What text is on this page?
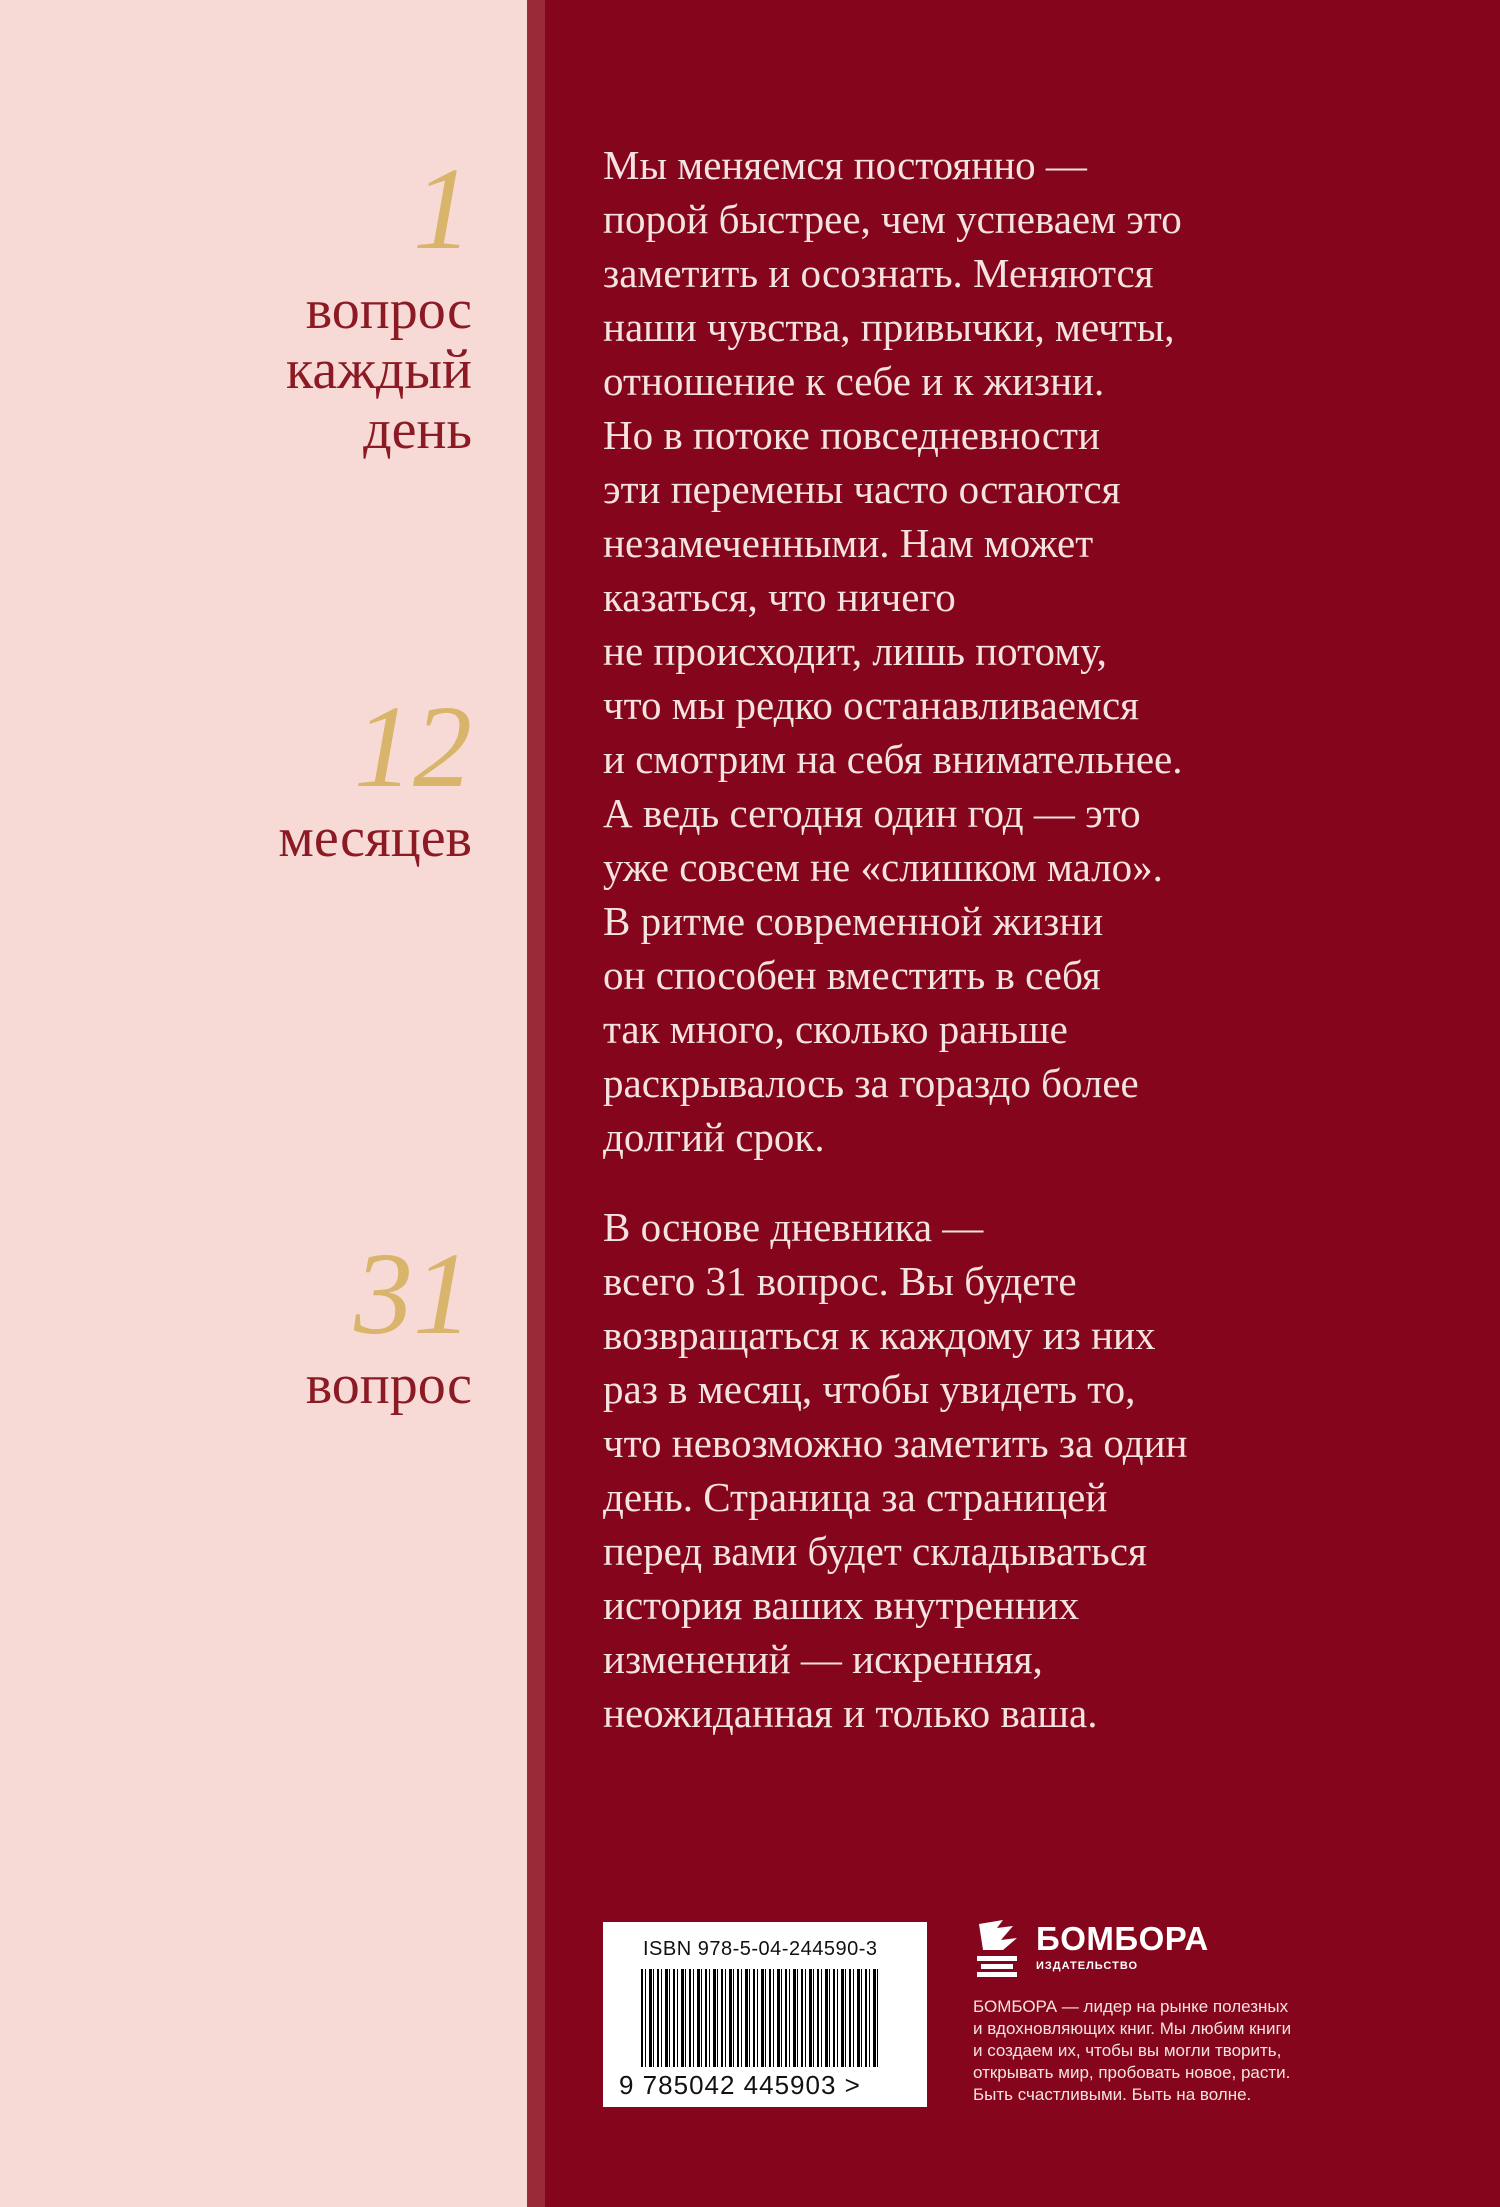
1
вопрос
каждый
день
12
месяцев
31
вопрос

Мы меняемся постоянно —
порой быстрее, чем успеваем это
заметить и осознать. Меняются
наши чувства, привычки, мечты,
отношение к себе и к жизни.
Но в потоке повседневности
эти перемены часто остаются
незамеченными. Нам может
казаться, что ничего
не происходит, лишь потому,
что мы редко останавливаемся
и смотрим на себя внимательнее.
А ведь сегодня один год — это
уже совсем не «слишком мало».
В ритме современной жизни
он способен вместить в себя
так много, сколько раньше
раскрывалось за гораздо более
долгий срок.

В основе дневника —
всего 31 вопрос. Вы будете
возвращаться к каждому из них
раз в месяц, чтобы увидеть то,
что невозможно заметить за один
день. Страница за страницей
перед вами будет складываться
история ваших внутренних
изменений — искренняя,
неожиданная и только ваша.

ISBN 978-5-04-244590-3
9 785042 445903 >
БОМБОРА
ИЗДАТЕЛЬСТВО

БОМБОРА — лидер на рынке полезных
и вдохновляющих книг. Мы любим книги
и создаем их, чтобы вы могли творить,
открывать мир, пробовать новое, расти.
Быть счастливыми. Быть на волне.
